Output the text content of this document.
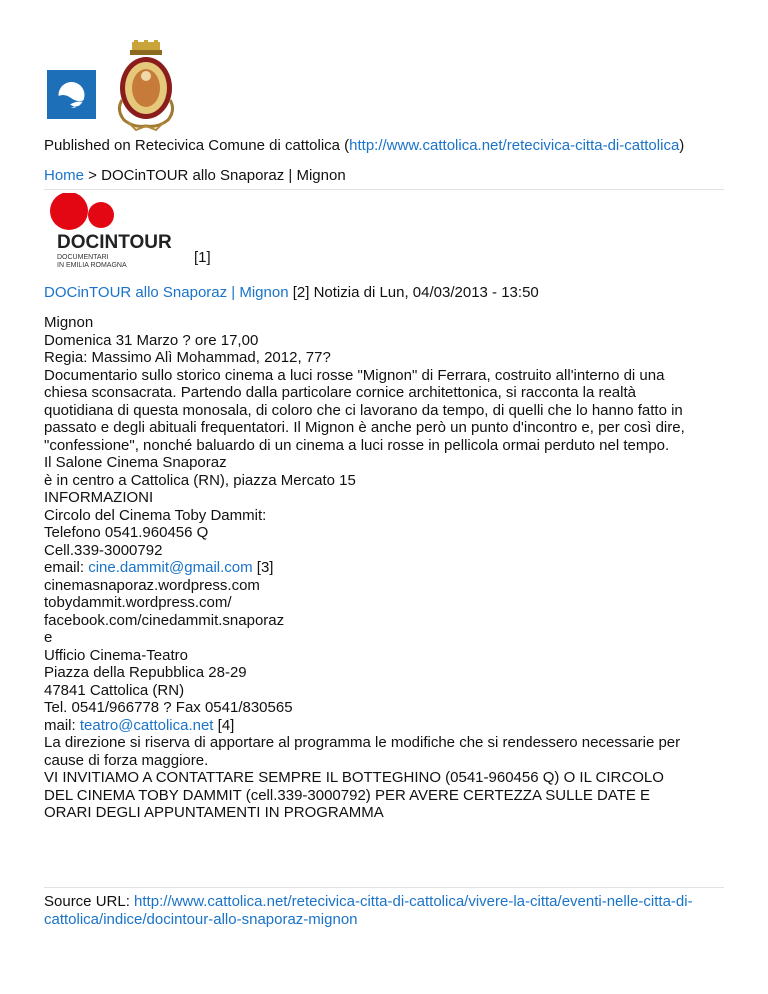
Published on Retecivica Comune di cattolica (http://www.cattolica.net/retecivica-citta-di-cattolica)
Home > DOCinTOUR allo Snaporaz | Mignon
DOCINTOUR
DOCUMENTARI
IN EMILIA ROMAGNA	[1]
DOCinTOUR allo Snaporaz | Mignon [2] Notizia di Lun, 04/03/2013 - 13:50
Mignon
Domenica 31 Marzo ? ore 17,00
Regia: Massimo Alì Mohammad, 2012, 77?
Documentario sullo storico cinema a luci rosse "Mignon" di Ferrara, costruito all'interno di una
chiesa sconsacrata. Partendo dalla particolare cornice architettonica, si racconta la realtà
quotidiana di questa monosala, di coloro che ci lavorano da tempo, di quelli che lo hanno fatto in
passato e degli abituali frequentatori. Il Mignon è anche però un punto d'incontro e, per così dire,
"confessione", nonché baluardo di un cinema a luci rosse in pellicola ormai perduto nel tempo.
Il Salone Cinema Snaporaz
è in centro a Cattolica (RN), piazza Mercato 15
INFORMAZIONI
Circolo del Cinema Toby Dammit:
Telefono 0541.960456 Q
Cell.339-3000792
email: cine.dammit@gmail.com [3]
cinemasnaporaz.wordpress.com
tobydammit.wordpress.com/
facebook.com/cinedammit.snaporaz
e
Ufficio Cinema-Teatro
Piazza della Repubblica 28-29
47841 Cattolica (RN)
Tel. 0541/966778 ? Fax 0541/830565
mail: teatro@cattolica.net [4]
La direzione si riserva di apportare al programma le modifiche che si rendessero necessarie per
cause di forza maggiore.
VI INVITIAMO A CONTATTARE SEMPRE IL BOTTEGHINO (0541-960456 Q) O IL CIRCOLO
DEL CINEMA TOBY DAMMIT (cell.339-3000792) PER AVERE CERTEZZA SULLE DATE E
ORARI DEGLI APPUNTAMENTI IN PROGRAMMA
Source URL: http://www.cattolica.net/retecivica-citta-di-cattolica/vivere-la-citta/eventi-nelle-citta-di-
cattolica/indice/docintour-allo-snaporaz-mignon
